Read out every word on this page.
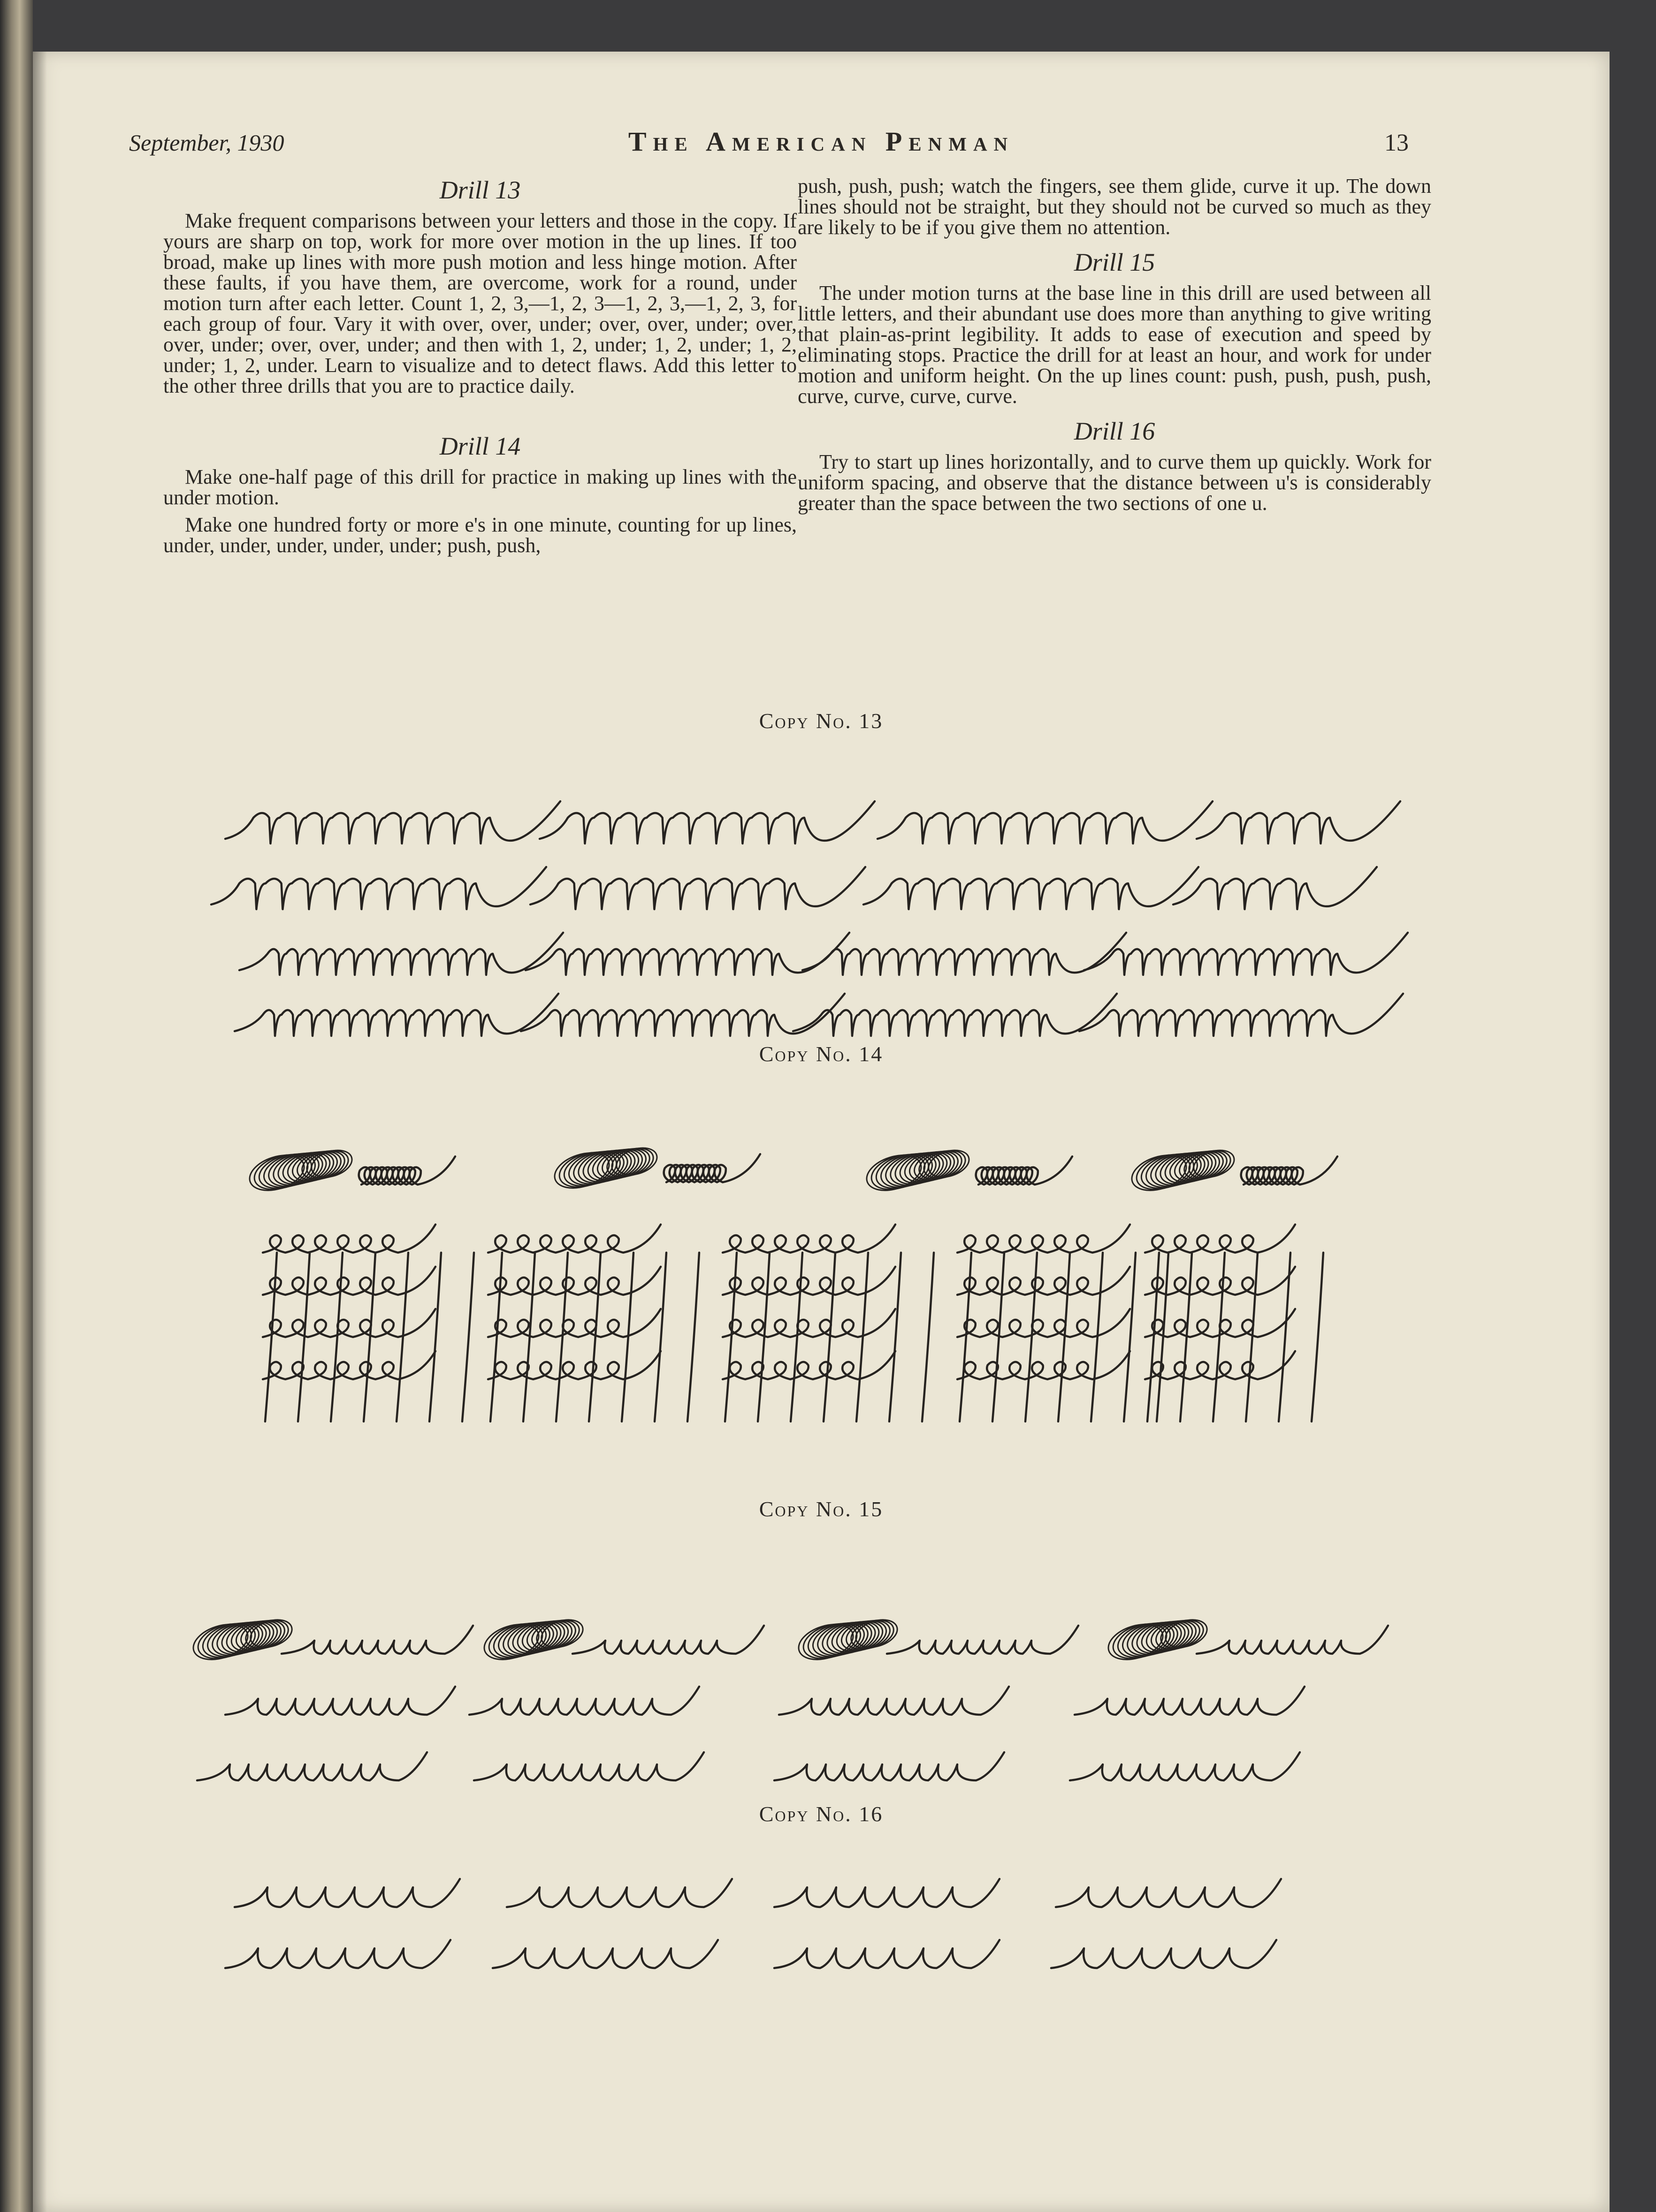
September, 1930	The American Penman	13
Drill 13

Make frequent comparisons between your letters and those in the copy. If yours are sharp on top, work for more over motion in the up lines. If too broad, make up lines with more push motion and less hinge motion. After these faults, if you have them, are overcome, work for a round, under motion turn after each letter. Count 1, 2, 3,—1, 2, 3—1, 2, 3,—1, 2, 3, for each group of four. Vary it with over, over, under; over, over, under; over, over, under; over, over, under; and then with 1, 2, under; 1, 2, under; 1, 2, under; 1, 2, under. Learn to visualize and to detect flaws. Add this letter to the other three drills that you are to practice daily.

Drill 14

Make one-half page of this drill for practice in making up lines with the under motion.

Make one hundred forty or more e's in one minute, counting for up lines, under, under, under, under, under; push, push,

push, push, push; watch the fingers, see them glide, curve it up. The down lines should not be straight, but they should not be curved so much as they are likely to be if you give them no attention.

Drill 15

The under motion turns at the base line in this drill are used between all little letters, and their abundant use does more than anything to give writing that plain-as-print legibility. It adds to ease of execution and speed by eliminating stops. Practice the drill for at least an hour, and work for under motion and uniform height. On the up lines count: push, push, push, push, curve, curve, curve, curve.

Drill 16

Try to start up lines horizontally, and to curve them up quickly. Work for uniform spacing, and observe that the distance between u's is considerably greater than the space between the two sections of one u.

Copy No. 13
Copy No. 14
Copy No. 15
Copy No. 16
